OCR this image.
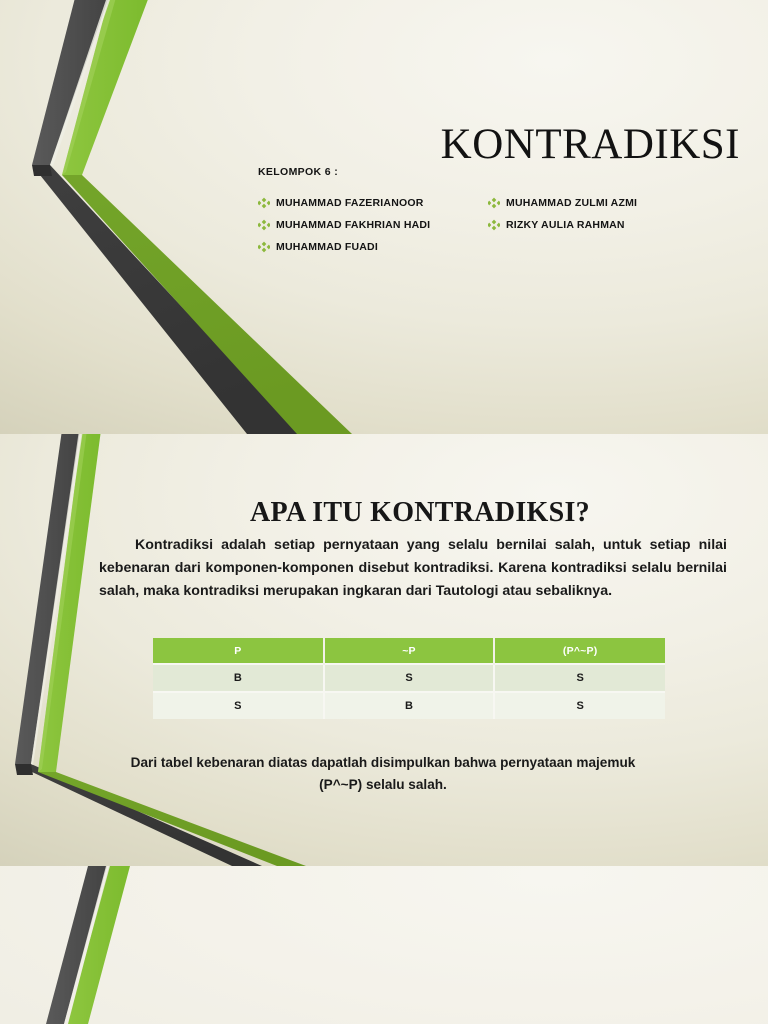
KONTRADIKSI
KELOMPOK 6 :
MUHAMMAD FAZERIANOOR
MUHAMMAD FAKHRIAN HADI
MUHAMMAD FUADI
MUHAMMAD ZULMI AZMI
RIZKY AULIA RAHMAN
APA ITU KONTRADIKSI?

Kontradiksi adalah setiap pernyataan yang selalu bernilai salah, untuk setiap nilai kebenaran dari komponen-komponen disebut kontradiksi. Karena kontradiksi selalu bernilai salah, maka kontradiksi merupakan ingkaran dari Tautologi atau sebaliknya.

P	~P	(P^~P)
B	S	S
S	B	S

Dari tabel kebenaran diatas dapatlah disimpulkan bahwa pernyataan majemuk (P^~P) selalu salah.
